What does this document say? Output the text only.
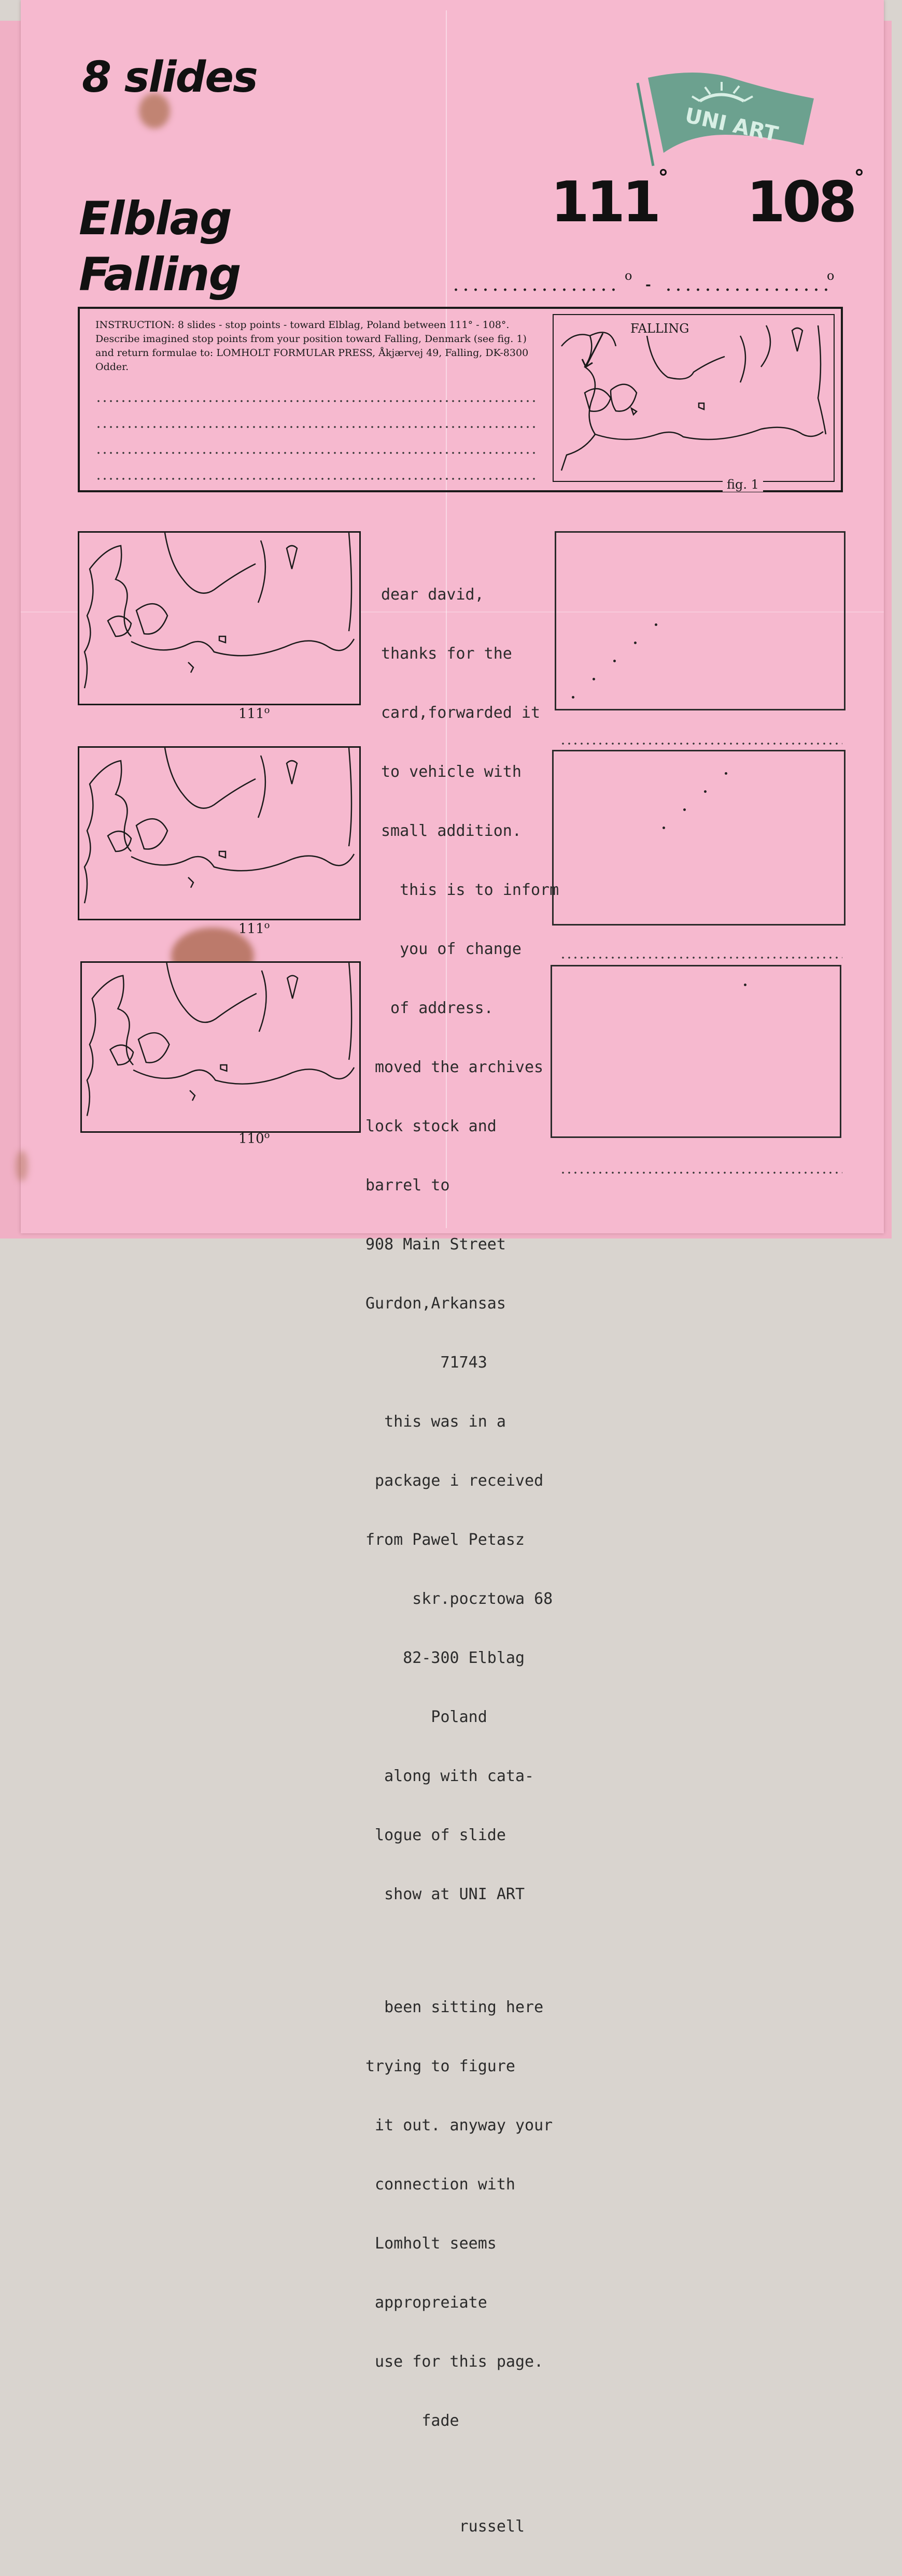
8 slides
Elblag
Falling
UNI ART
111° 108°
o
-
o
INSTRUCTION: 8 slides - stop points - toward Elblag, Poland between 111° - 108°. Describe imagined stop points from your position toward Falling, Denmark (see fig. 1) and return formulae to: LOMHOLT FORMULAR PRESS, Åkjærvej 49, Falling, DK-8300 Odder.
FALLING
fig. 1
111$^o$
111$^o$
110$^o$

dear david,

thanks for the

card,forwarded it

to vehicle with

small addition.

this is to inform

you of change

of address.

moved the archives

lock stock and

barrel to

908 Main Street

Gurdon,Arkansas

71743

this was in a

package i received

from Pawel Petasz

skr.pocztowa 68

82-300 Elblag

Poland

along with cata-

logue of slide

show at UNI ART

been sitting here

trying to figure

it out. anyway your

connection with

Lomholt seems

appropreiate

use for this page.

fade

russell
